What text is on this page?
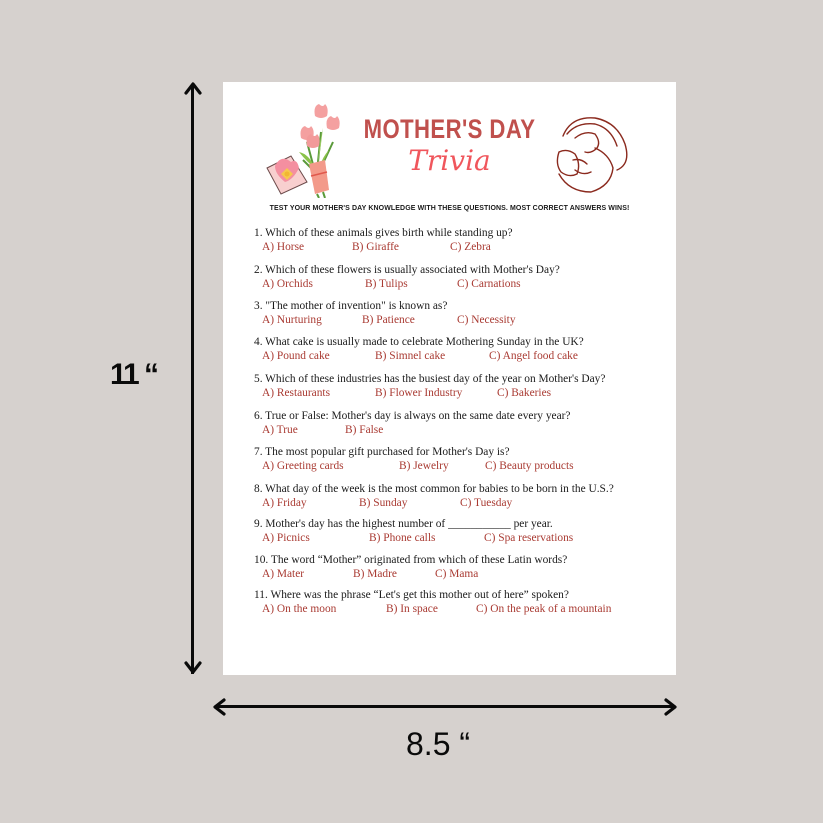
11 “
8.5 “
MOTHER'S DAY
Trivia
TEST YOUR MOTHER'S DAY KNOWLEDGE WITH THESE QUESTIONS. MOST CORRECT ANSWERS WINS!
1. Which of these animals gives birth while standing up?
A) Horse	B) Giraffe	C) Zebra
2. Which of these flowers is usually associated with Mother's Day?
A) Orchids	B) Tulips	C) Carnations
3. "The mother of invention" is known as?
A) Nurturing	B) Patience	C) Necessity
4. What cake is usually made to celebrate Mothering Sunday in the UK?
A) Pound cake	B) Simnel cake	C) Angel food cake
5. Which of these industries has the busiest day of the year on Mother's Day?
A) Restaurants	B) Flower Industry	C) Bakeries
6. True or False: Mother's day is always on the same date every year?
A) True	B) False
7. The most popular gift purchased for Mother's Day is?
A) Greeting cards	B) Jewelry	C) Beauty products
8. What day of the week is the most common for babies to be born in the U.S.?
A) Friday	B) Sunday	C) Tuesday
9. Mother's day has the highest number of ___________ per year.
A) Picnics	B) Phone calls	C) Spa reservations
10. The word “Mother” originated from which of these Latin words?
A) Mater	B) Madre	C) Mama
11. Where was the phrase “Let's get this mother out of here” spoken?
A) On the moon	B) In space	C) On the peak of a mountain
